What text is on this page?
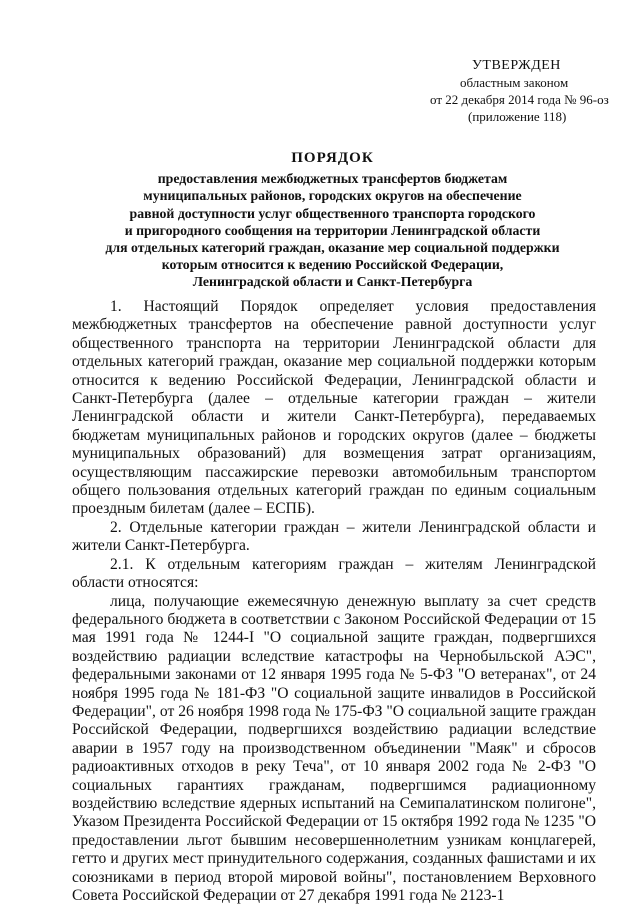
УТВЕРЖДЕН
областным законом
от 22 декабря 2014 года № 96-оз
(приложение 118)
ПОРЯДОК
предоставления межбюджетных трансфертов бюджетам
муниципальных районов, городских округов на обеспечение
равной доступности услуг общественного транспорта городского
и пригородного сообщения на территории Ленинградской области
для отдельных категорий граждан, оказание мер социальной поддержки
которым относится к ведению Российской Федерации,
Ленинградской области и Санкт-Петербурга

1. Настоящий Порядок определяет условия предоставления межбюджетных трансфертов на обеспечение равной доступности услуг общественного транспорта на территории Ленинградской области для отдельных категорий граждан, оказание мер социальной поддержки которым относится к ведению Российской Федерации, Ленинградской области и Санкт-Петербурга (далее – отдельные категории граждан – жители Ленинградской области и жители Санкт-Петербурга), передаваемых бюджетам муниципальных районов и городских округов (далее – бюджеты муниципальных образований) для возмещения затрат организациям, осуществляющим пассажирские перевозки автомобильным транспортом общего пользования отдельных категорий граждан по единым социальным проездным билетам (далее – ЕСПБ).

2. Отдельные категории граждан – жители Ленинградской области и жители Санкт-Петербурга.

2.1. К отдельным категориям граждан – жителям Ленинградской области относятся:

лица, получающие ежемесячную денежную выплату за счет средств федерального бюджета в соответствии с Законом Российской Федерации от 15 мая 1991 года № 1244-I "О социальной защите граждан, подвергшихся воздействию радиации вследствие катастрофы на Чернобыльской АЭС", федеральными законами от 12 января 1995 года № 5-ФЗ "О ветеранах", от 24 ноября 1995 года № 181-ФЗ "О социальной защите инвалидов в Российской Федерации", от 26 ноября 1998 года № 175-ФЗ "О социальной защите граждан Российской Федерации, подвергшихся воздействию радиации вследствие аварии в 1957 году на производственном объединении "Маяк" и сбросов радиоактивных отходов в реку Теча", от 10 января 2002 года № 2-ФЗ "О социальных гарантиях гражданам, подвергшимся радиационному воздействию вследствие ядерных испытаний на Семипалатинском полигоне", Указом Президента Российской Федерации от 15 октября 1992 года № 1235 "О предоставлении льгот бывшим несовершеннолетним узникам концлагерей, гетто и других мест принудительного содержания, созданных фашистами и их союзниками в период второй мировой войны", постановлением Верховного Совета Российской Федерации от 27 декабря 1991 года № 2123-1
